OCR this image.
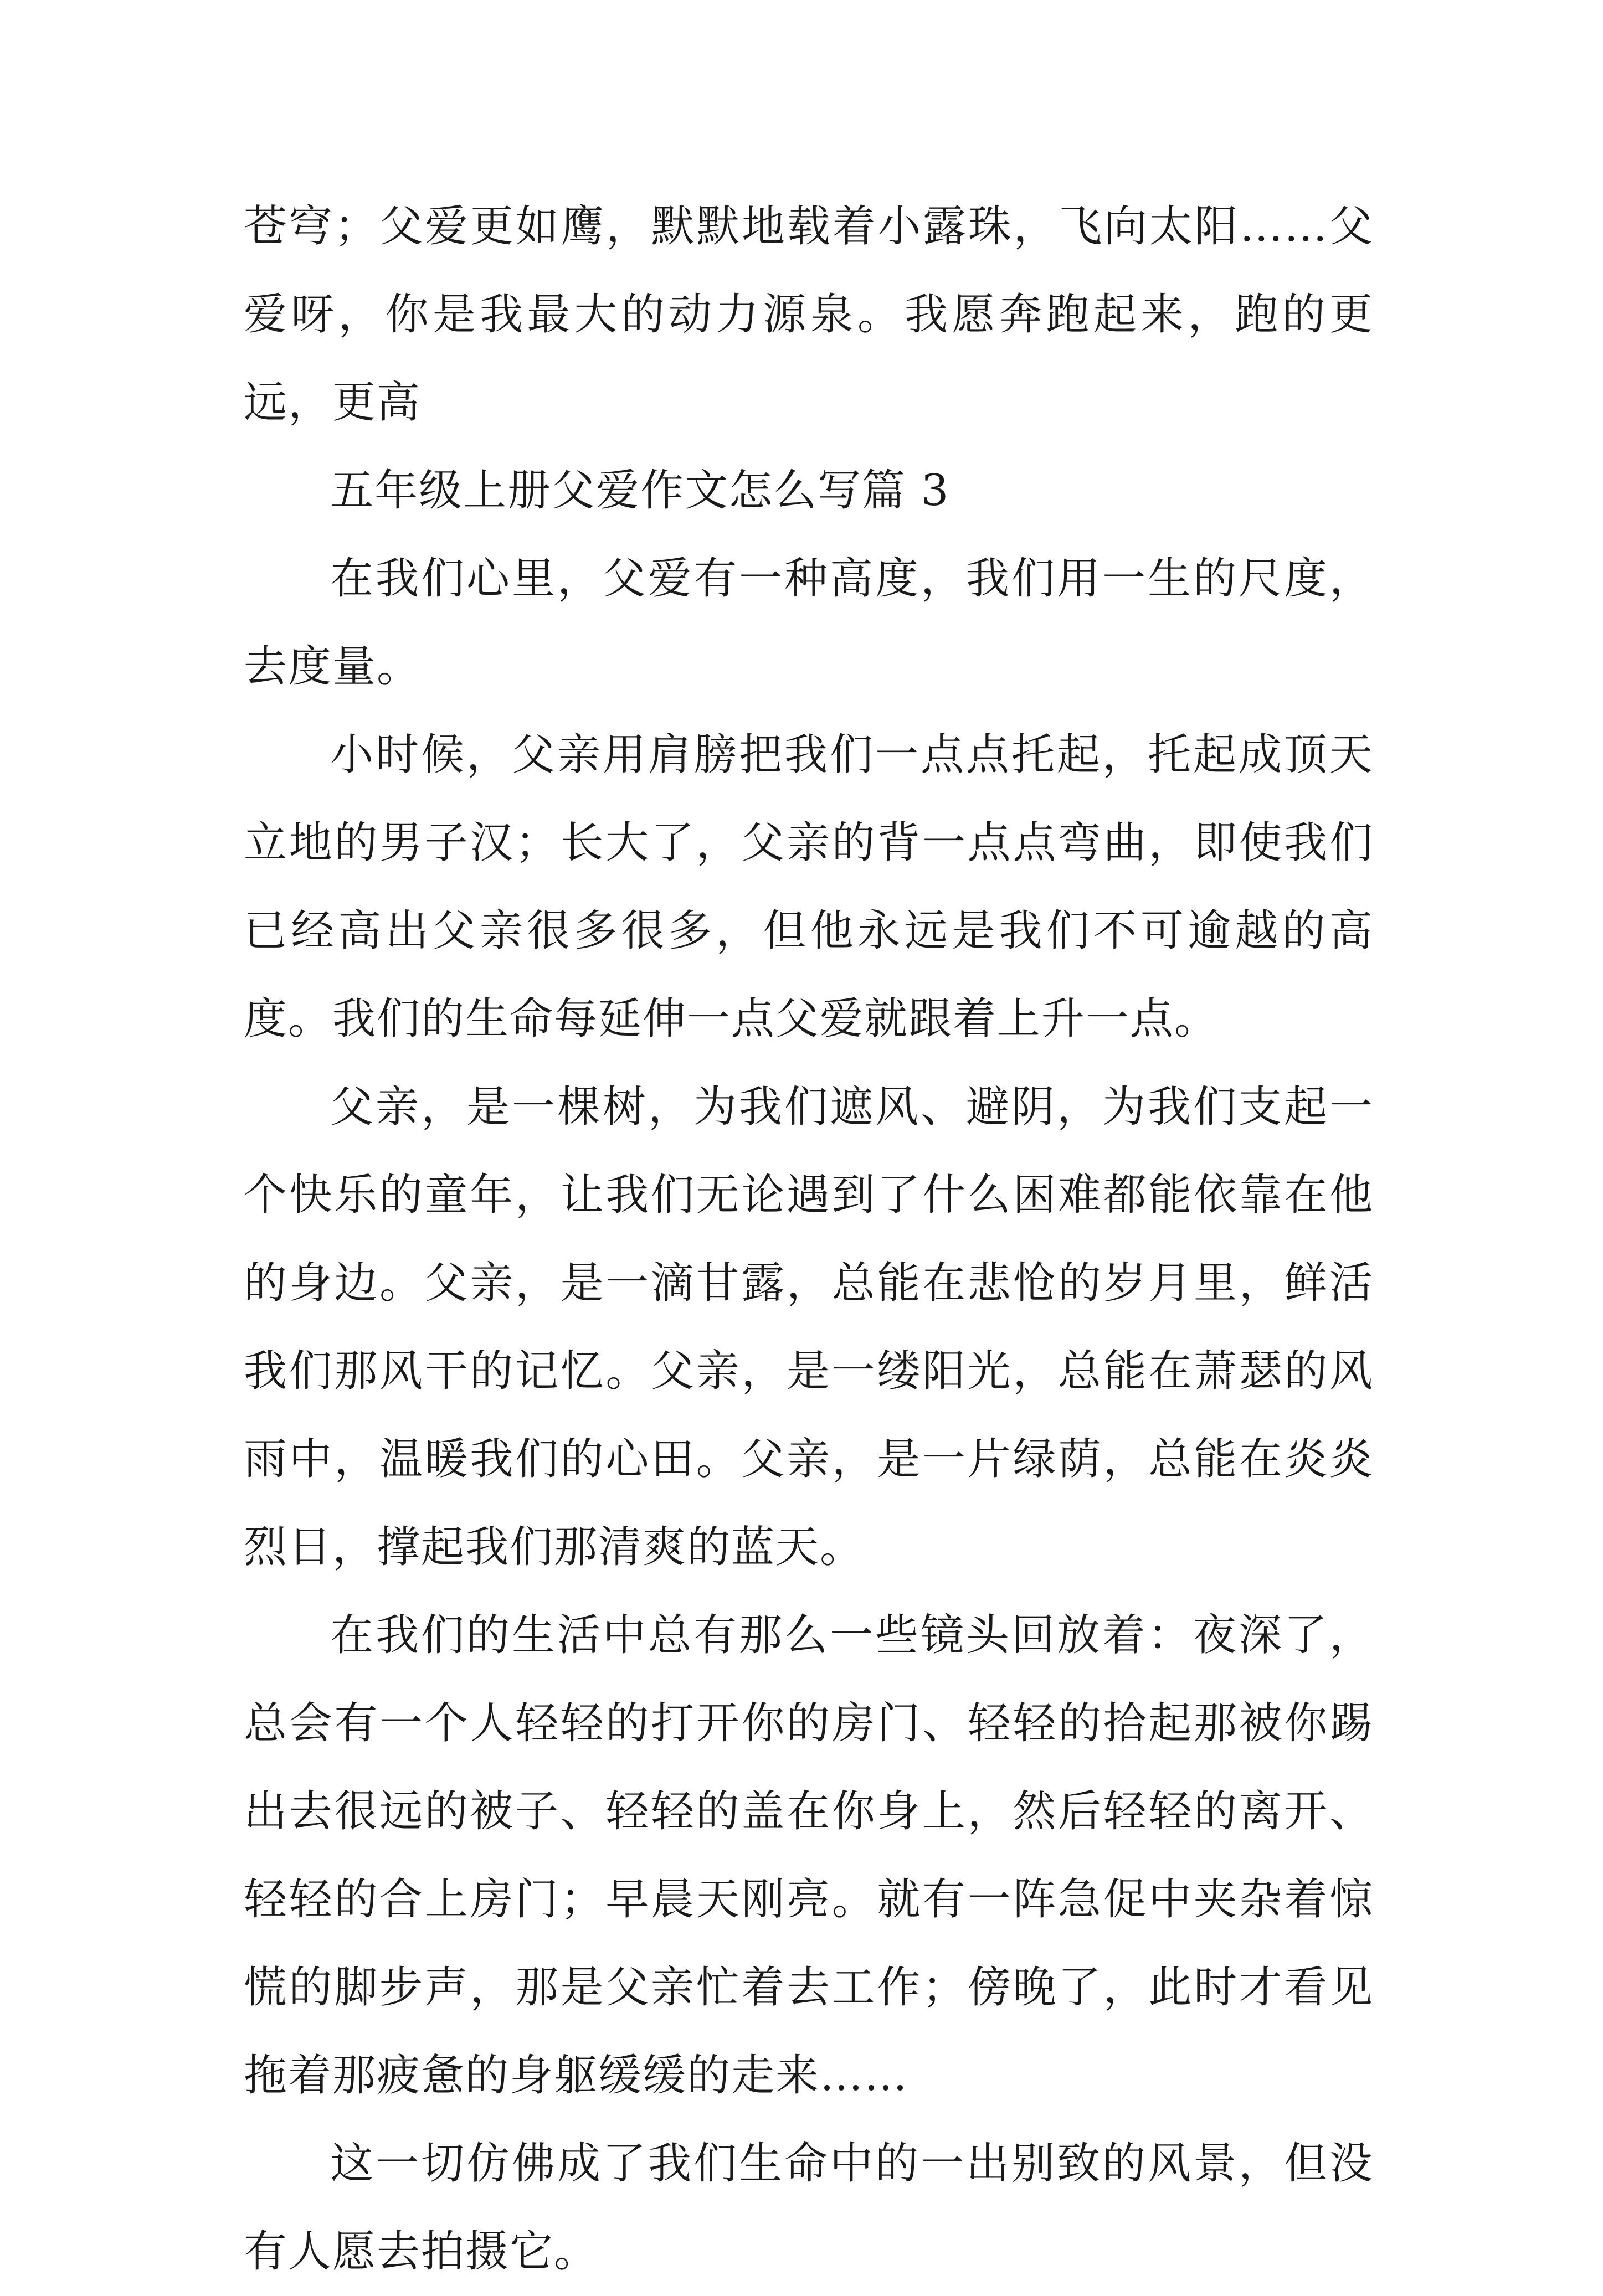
苍穹；父爱更如鹰，默默地载着小露珠，飞向太阳……父爱呀，你是我最大的动力源泉。我愿奔跑起来，跑的更远，更高

五年级上册父爱作文怎么写篇 3

在我们心里，父爱有一种高度，我们用一生的尺度，去度量。

小时候，父亲用肩膀把我们一点点托起，托起成顶天立地的男子汉；长大了，父亲的背一点点弯曲，即使我们已经高出父亲很多很多，但他永远是我们不可逾越的高度。我们的生命每延伸一点父爱就跟着上升一点。

父亲，是一棵树，为我们遮风、避阴，为我们支起一个快乐的童年，让我们无论遇到了什么困难都能依靠在他的身边。父亲，是一滴甘露，总能在悲怆的岁月里，鲜活我们那风干的记忆。父亲，是一缕阳光，总能在萧瑟的风雨中，温暖我们的心田。父亲，是一片绿荫，总能在炎炎烈日，撑起我们那清爽的蓝天。

在我们的生活中总有那么一些镜头回放着：夜深了，总会有一个人轻轻的打开你的房门、轻轻的拾起那被你踢出去很远的被子、轻轻的盖在你身上，然后轻轻的离开、轻轻的合上房门；早晨天刚亮。就有一阵急促中夹杂着惊慌的脚步声，那是父亲忙着去工作；傍晚了，此时才看见拖着那疲惫的身躯缓缓的走来……

这一切仿佛成了我们生命中的一出别致的风景，但没有人愿去拍摄它。
